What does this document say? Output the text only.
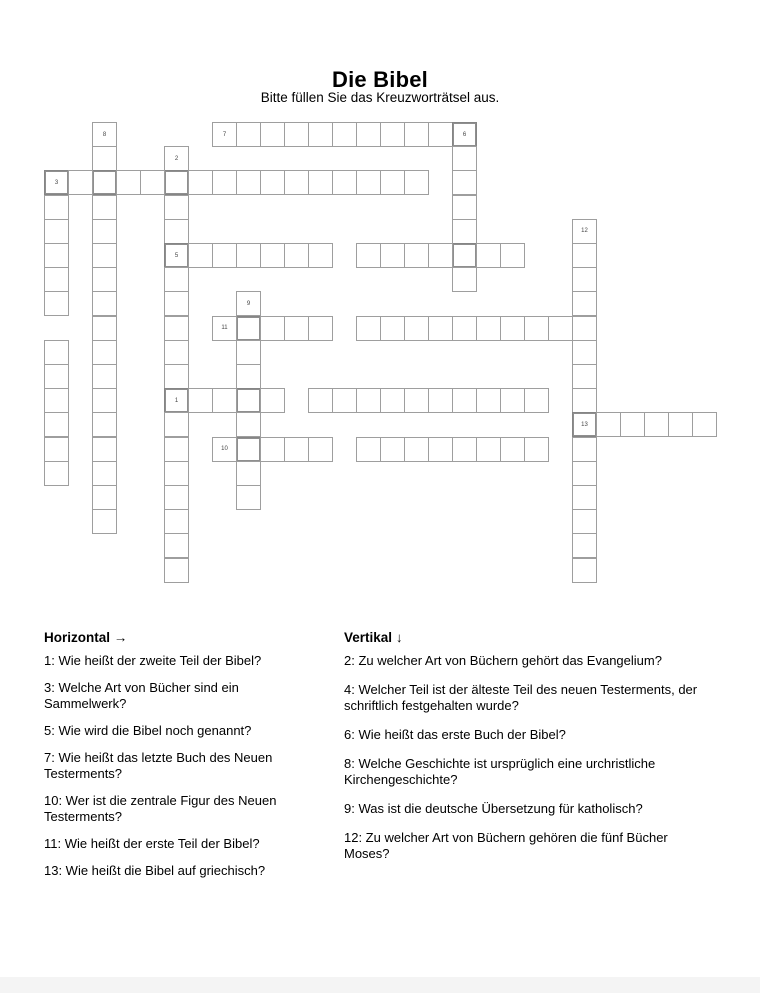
Die Bibel
Bitte füllen Sie das Kreuzworträtsel aus.
8	7	6
2
5
1
3
12
13
9
11
10
Horizontal →
1: Wie heißt der zweite Teil der Bibel?
3: Welche Art von Bücher sind ein Sammelwerk?
5: Wie wird die Bibel noch genannt?
7: Wie heißt das letzte Buch des Neuen Testerments?
10: Wer ist die zentrale Figur des Neuen Testerments?
11: Wie heißt der erste Teil der Bibel?
13: Wie heißt die Bibel auf griechisch?
Vertikal ↓
2: Zu welcher Art von Büchern gehört das Evangelium?
4: Welcher Teil ist der älteste Teil des neuen Testerments, der schriftlich festgehalten wurde?
6: Wie heißt das erste Buch der Bibel?
8: Welche Geschichte ist ursprüglich eine urchristliche Kirchengeschichte?
9: Was ist die deutsche Übersetzung für katholisch?
12: Zu welcher Art von Büchern gehören die fünf Bücher Moses?
